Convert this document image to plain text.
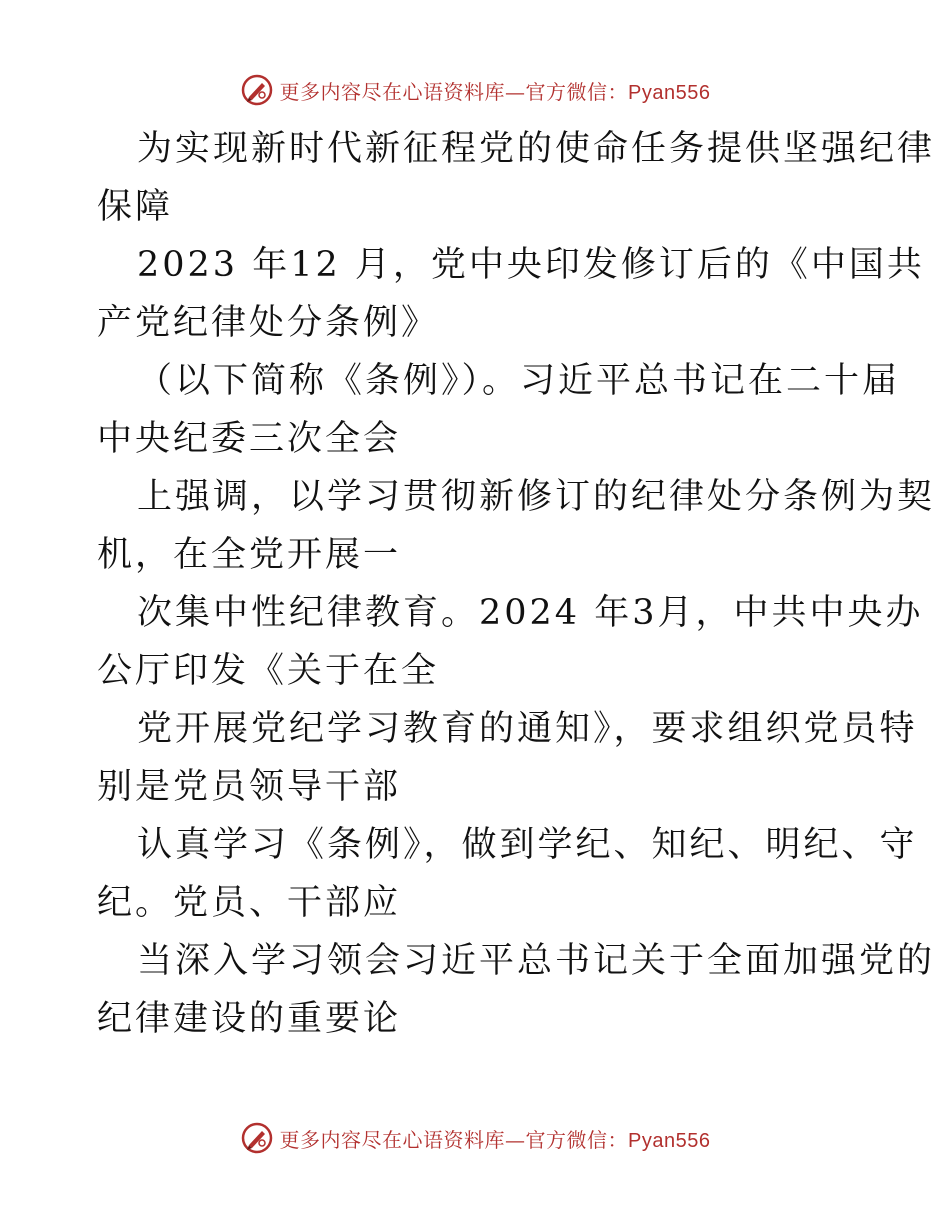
更多内容尽在心语资料库—官方微信：Pyan556

为实现新时代新征程党的使命任务提供坚强纪律
保障

2023 年12 月，党中央印发修订后的《中国共
产党纪律处分条例》

（以下简称《条例》）。习近平总书记在二十届
中央纪委三次全会

上强调，以学习贯彻新修订的纪律处分条例为契
机，在全党开展一

次集中性纪律教育。2024 年3月，中共中央办
公厅印发《关于在全

党开展党纪学习教育的通知》，要求组织党员特
别是党员领导干部

认真学习《条例》，做到学纪、知纪、明纪、守
纪。党员、干部应

当深入学习领会习近平总书记关于全面加强党的
纪律建设的重要论

更多内容尽在心语资料库—官方微信：Pyan556
